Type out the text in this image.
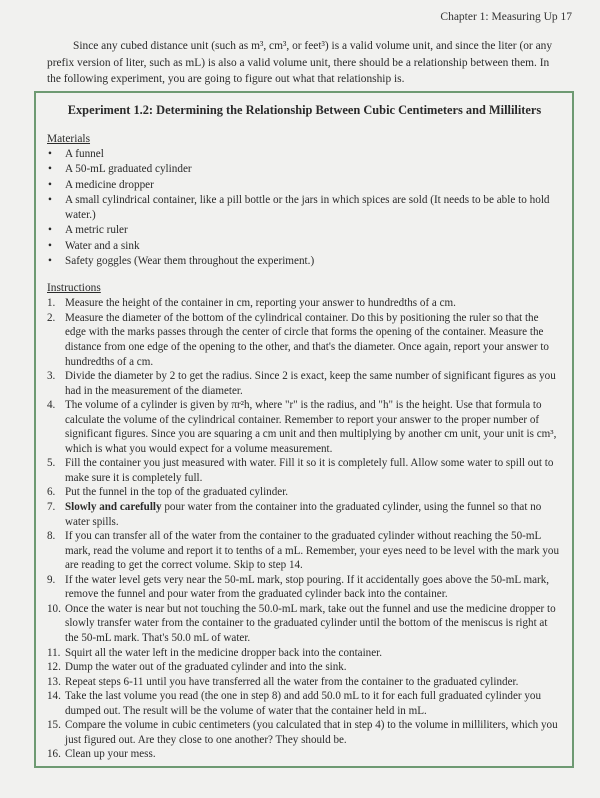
Chapter 1: Measuring Up 17

Since any cubed distance unit (such as m³, cm³, or feet³) is a valid volume unit, and since the liter (or any prefix version of liter, such as mL) is also a valid volume unit, there should be a relationship between them. In the following experiment, you are going to figure out what that relationship is.

Experiment 1.2: Determining the Relationship Between Cubic Centimeters and Milliliters
Materials
• A funnel
• A 50-mL graduated cylinder
• A medicine dropper
• A small cylindrical container, like a pill bottle or the jars in which spices are sold (It needs to be able to hold water.)
• A metric ruler
• Water and a sink
• Safety goggles (Wear them throughout the experiment.)
Instructions
1. Measure the height of the container in cm, reporting your answer to hundredths of a cm.
2. Measure the diameter of the bottom of the cylindrical container. Do this by positioning the ruler so that the edge with the marks passes through the center of circle that forms the opening of the container. Measure the distance from one edge of the opening to the other, and that's the diameter. Once again, report your answer to hundredths of a cm.
3. Divide the diameter by 2 to get the radius. Since 2 is exact, keep the same number of significant figures as you had in the measurement of the diameter.
4. The volume of a cylinder is given by πr²h, where "r" is the radius, and "h" is the height. Use that formula to calculate the volume of the cylindrical container. Remember to report your answer to the proper number of significant figures. Since you are squaring a cm unit and then multiplying by another cm unit, your unit is cm³, which is what you would expect for a volume measurement.
5. Fill the container you just measured with water. Fill it so it is completely full. Allow some water to spill out to make sure it is completely full.
6. Put the funnel in the top of the graduated cylinder.
7. Slowly and carefully pour water from the container into the graduated cylinder, using the funnel so that no water spills.
8. If you can transfer all of the water from the container to the graduated cylinder without reaching the 50-mL mark, read the volume and report it to tenths of a mL. Remember, your eyes need to be level with the mark you are reading to get the correct volume. Skip to step 14.
9. If the water level gets very near the 50-mL mark, stop pouring. If it accidentally goes above the 50-mL mark, remove the funnel and pour water from the graduated cylinder back into the container.
10. Once the water is near but not touching the 50.0-mL mark, take out the funnel and use the medicine dropper to slowly transfer water from the container to the graduated cylinder until the bottom of the meniscus is right at the 50-mL mark. That's 50.0 mL of water.
11. Squirt all the water left in the medicine dropper back into the container.
12. Dump the water out of the graduated cylinder and into the sink.
13. Repeat steps 6-11 until you have transferred all the water from the container to the graduated cylinder.
14. Take the last volume you read (the one in step 8) and add 50.0 mL to it for each full graduated cylinder you dumped out. The result will be the volume of water that the container held in mL.
15. Compare the volume in cubic centimeters (you calculated that in step 4) to the volume in milliliters, which you just figured out. Are they close to one another? They should be.
16. Clean up your mess.
